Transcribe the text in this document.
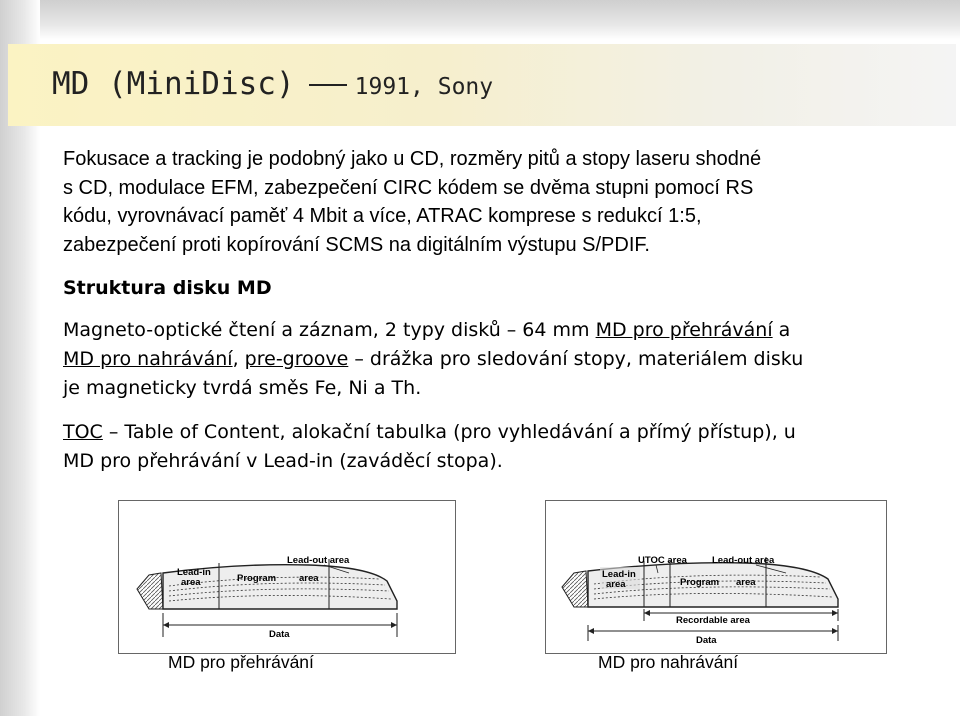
MD (MiniDisc)	1991, Sony

Fokusace a tracking je podobný jako u CD, rozměry pitů a stopy laseru shodné
s CD, modulace EFM, zabezpečení CIRC kódem se dvěma stupni pomocí RS
kódu, vyrovnávací paměť 4 Mbit a více, ATRAC komprese s redukcí 1:5,
zabezpečení proti kopírování SCMS na digitálním výstupu S/PDIF.

Struktura disku MD

Magneto-optické čtení a záznam, 2 typy disků – 64 mm MD pro přehrávání a
MD pro nahrávání, pre-groove – drážka pro sledování stopy, materiálem disku
je magneticky tvrdá směs Fe, Ni a Th.

TOC – Table of Content, alokační tabulka (pro vyhledávání a přímý přístup), u
MD pro přehrávání v Lead-in (zaváděcí stopa).

Lead-out area
Lead-in
area	Program area
Data
UTOC area	Lead-out area
Lead-in
area	Program area
Recordable area
Data
MD pro přehrávání	MD pro nahrávání
